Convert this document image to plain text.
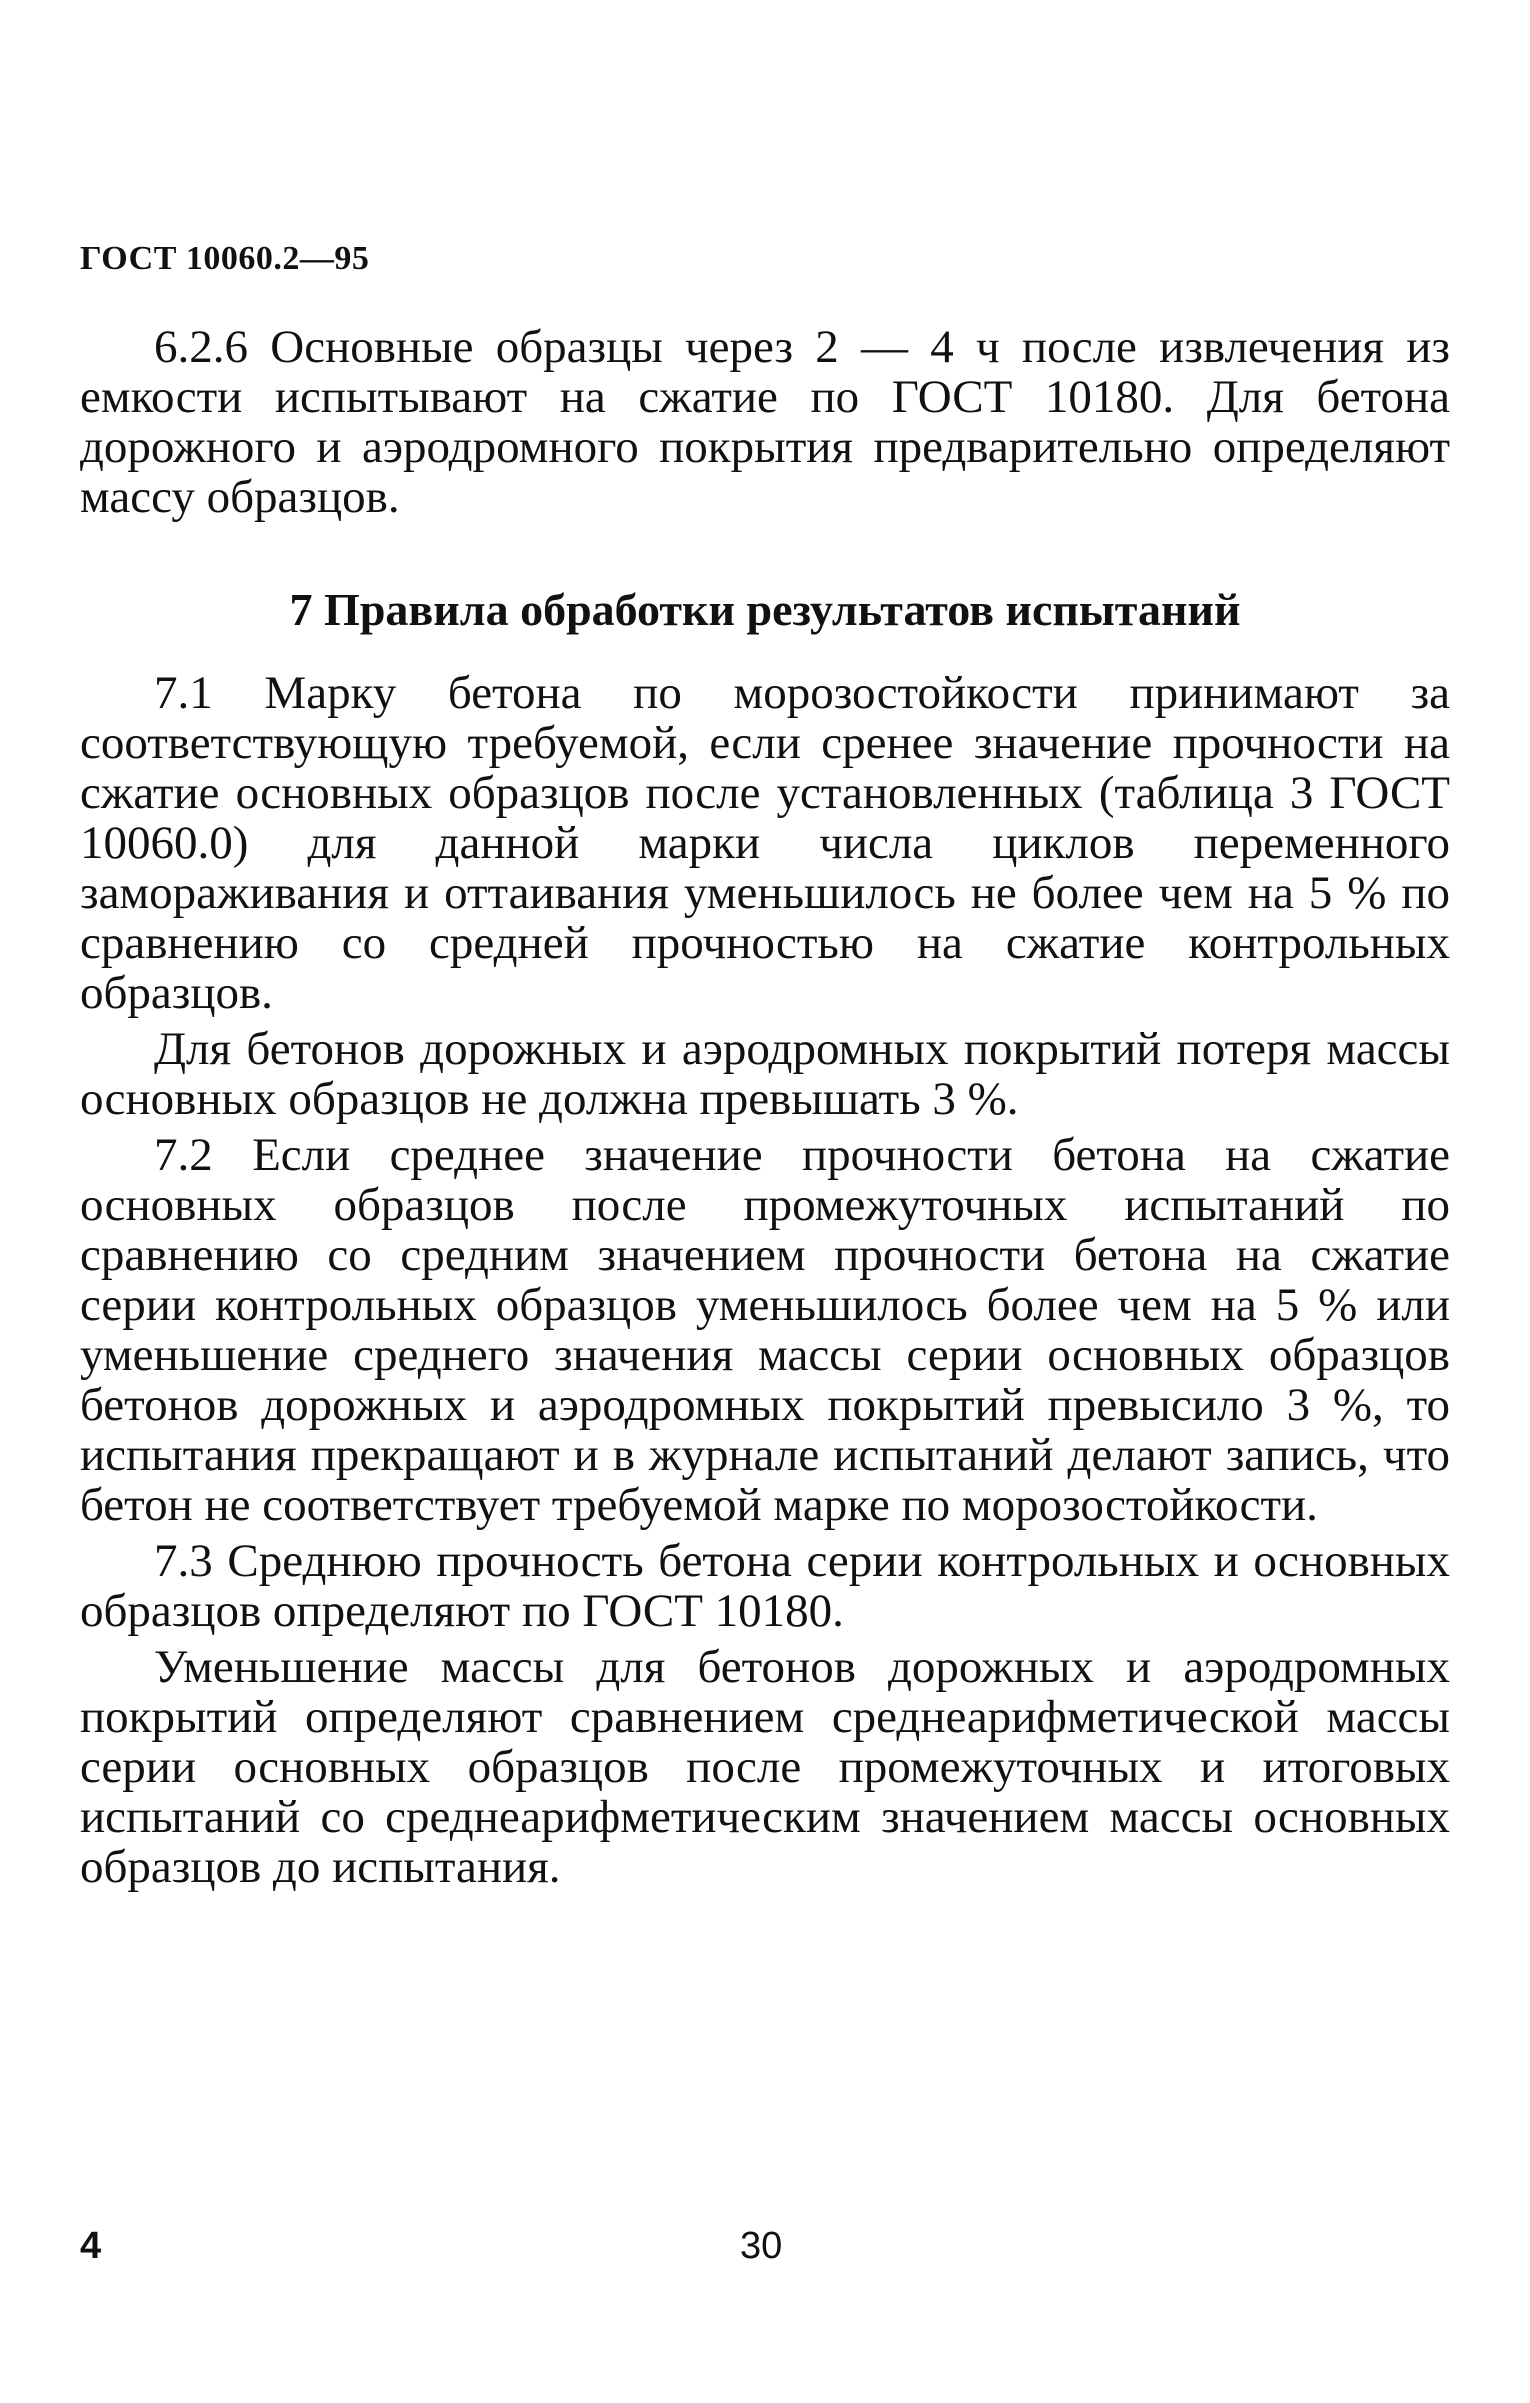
ГОСТ 10060.2—95

6.2.6 Основные образцы через 2 — 4 ч после извлечения из емкости испытывают на сжатие по ГОСТ 10180. Для бетона дорожного и аэродромного покрытия предварительно определяют массу образцов.

7 Правила обработки результатов испытаний

7.1 Марку бетона по морозостойкости принимают за соответствующую требуемой, если сренее значение прочности на сжатие основных образцов после установленных (таблица 3 ГОСТ 10060.0) для данной марки числа циклов переменного замораживания и оттаивания уменьшилось не более чем на 5 % по сравнению со средней прочностью на сжатие контрольных образцов.

Для бетонов дорожных и аэродромных покрытий потеря массы основных образцов не должна превышать 3 %.

7.2 Если среднее значение прочности бетона на сжатие основных образцов после промежуточных испытаний по сравнению со средним значением прочности бетона на сжатие серии контрольных образцов уменьшилось более чем на 5 % или уменьшение среднего значения массы серии основных образцов бетонов дорожных и аэродромных покрытий превысило 3 %, то испытания прекращают и в журнале испытаний делают запись, что бетон не соответствует требуемой марке по морозостойкости.

7.3 Среднюю прочность бетона серии контрольных и основных образцов определяют по ГОСТ 10180.

Уменьшение массы для бетонов дорожных и аэродромных покрытий определяют сравнением среднеарифметической массы серии основных образцов после промежуточных и итоговых испытаний со среднеарифметическим значением массы основных образцов до испытания.

4	30
